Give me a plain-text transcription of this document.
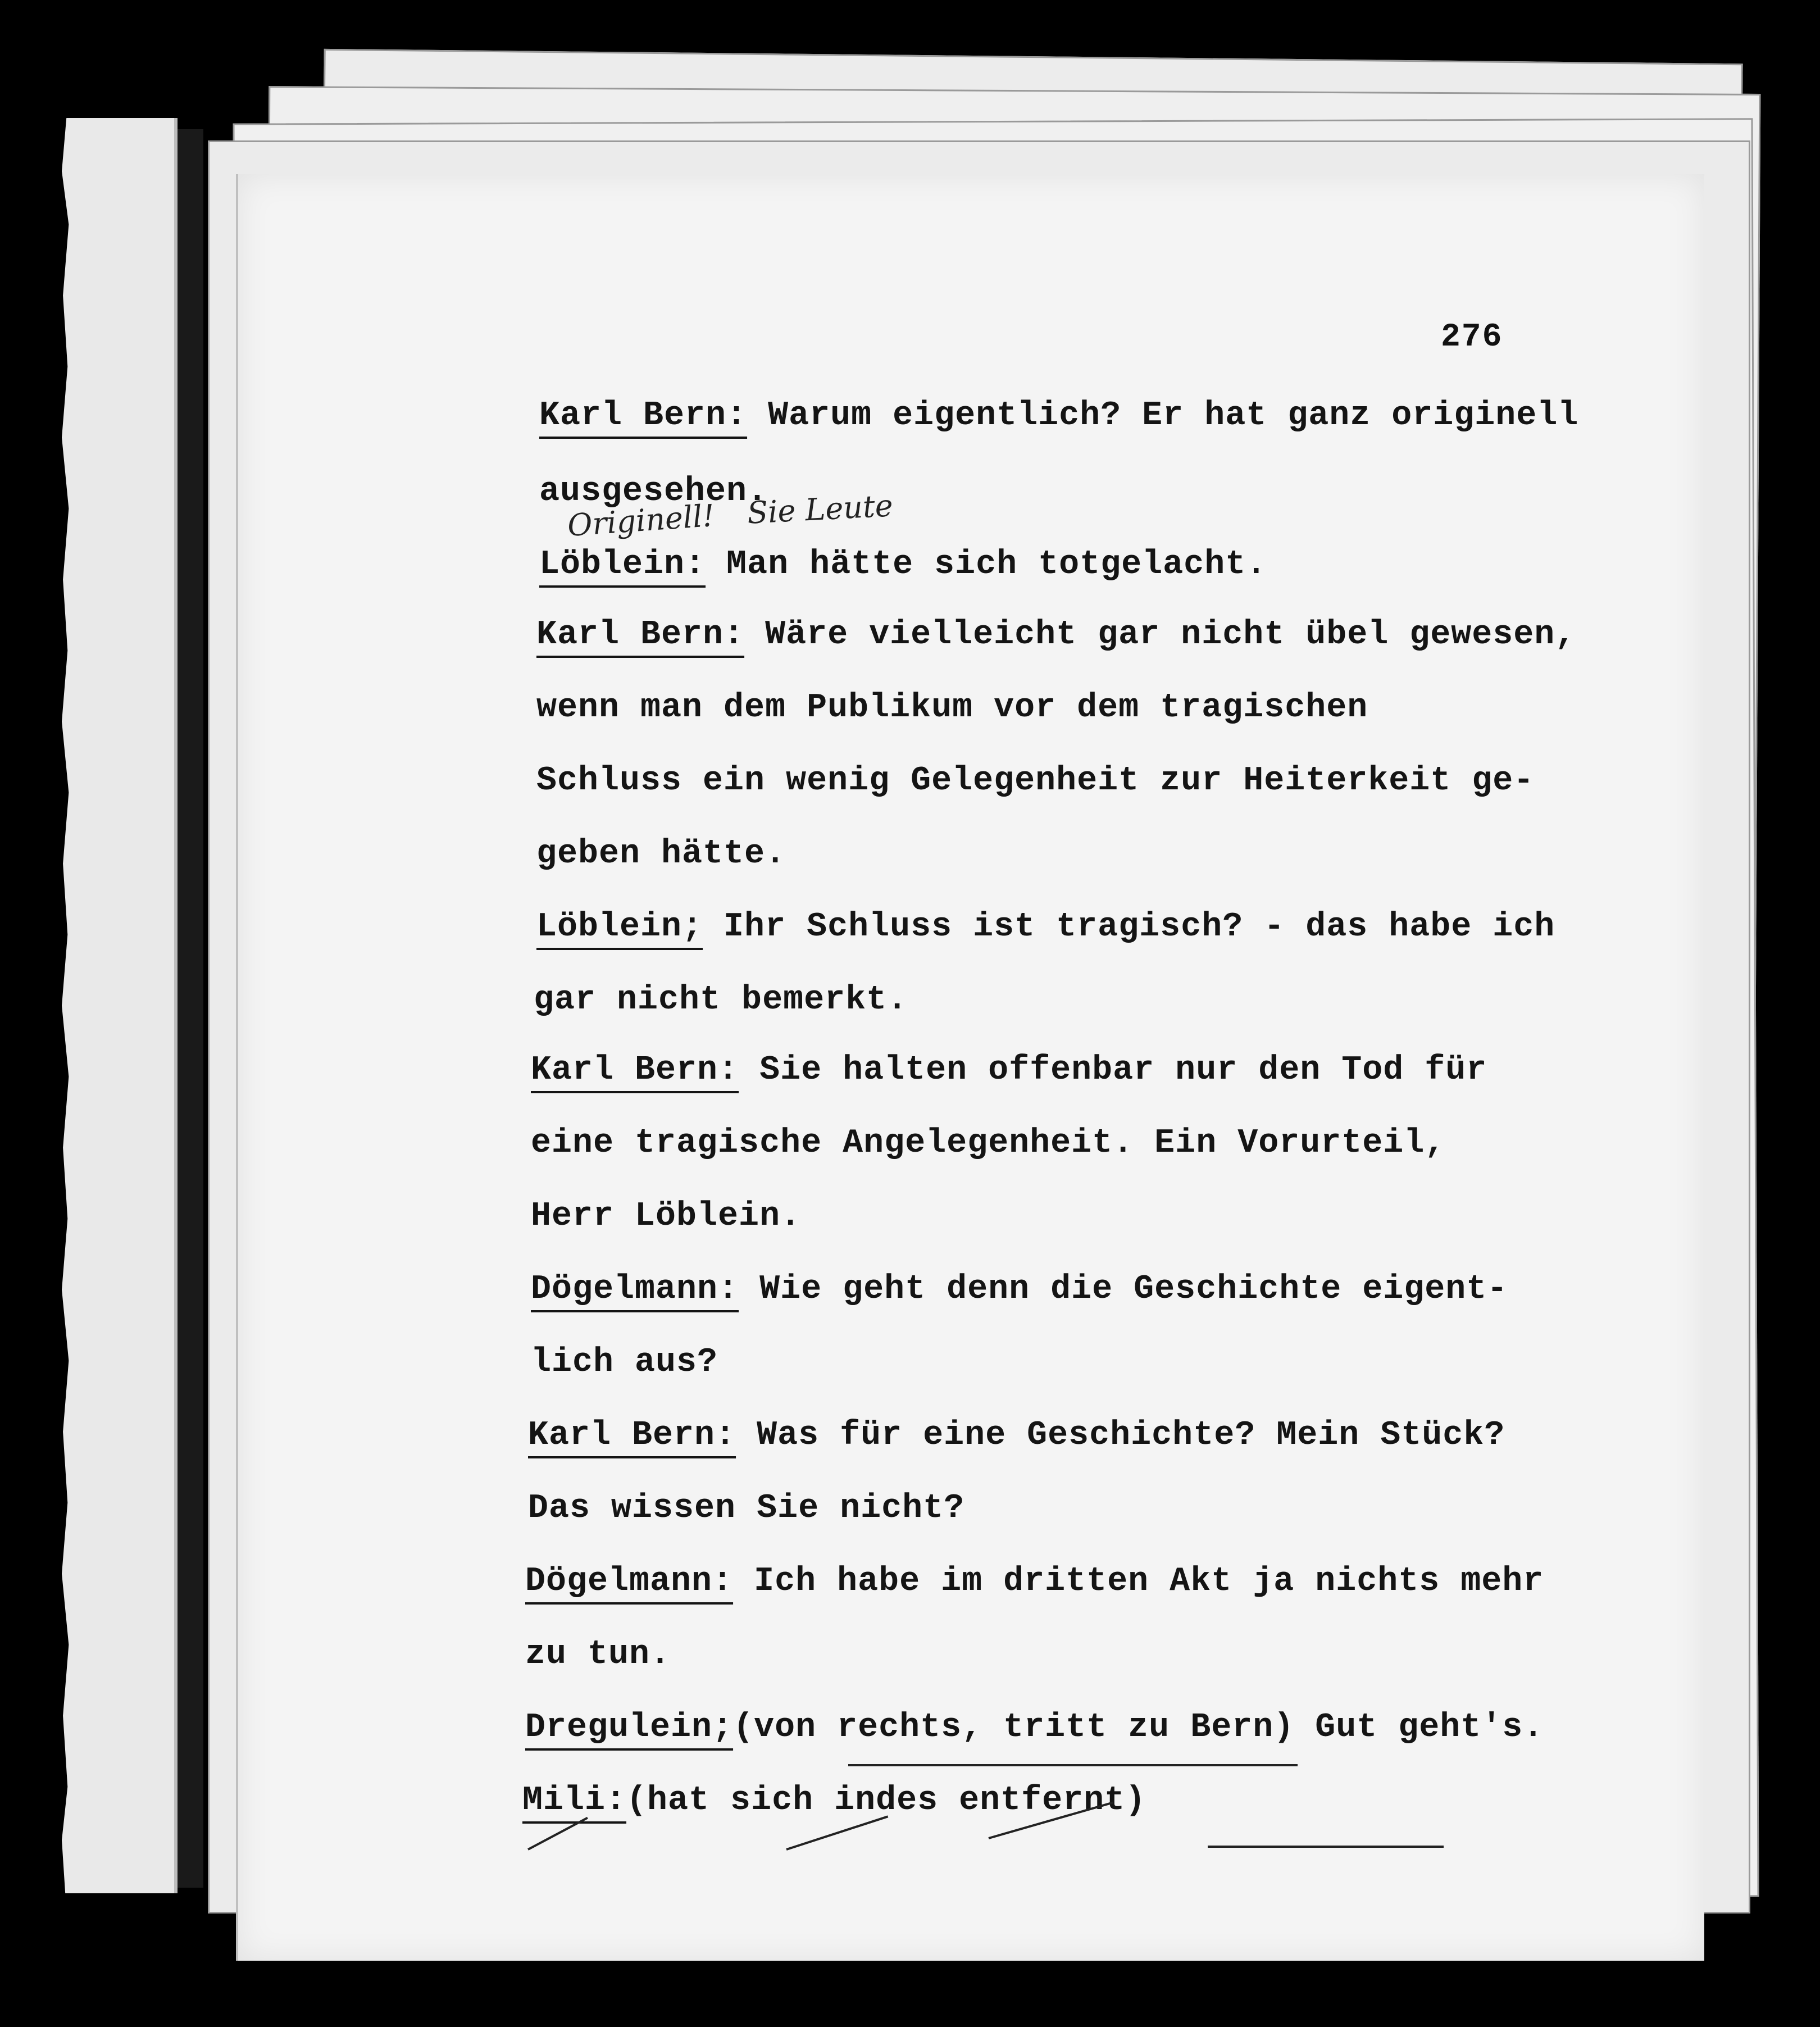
276
Originell! Sie Leute
Karl Bern: Warum eigentlich? Er hat ganz originell
ausgesehen.
Löblein: Man hätte sich totgelacht.
Karl Bern: Wäre vielleicht gar nicht übel gewesen,
wenn man dem Publikum vor dem tragischen
Schluss ein wenig Gelegenheit zur Heiterkeit ge-
geben hätte.
Löblein; Ihr Schluss ist tragisch? - das habe ich
gar nicht bemerkt.
Karl Bern: Sie halten offenbar nur den Tod für
eine tragische Angelegenheit. Ein Vorurteil,
Herr Löblein.
Dögelmann: Wie geht denn die Geschichte eigent-
lich aus?
Karl Bern: Was für eine Geschichte? Mein Stück?
Das wissen Sie nicht?
Dögelmann: Ich habe im dritten Akt ja nichts mehr
zu tun.
Dregulein;(von rechts, tritt zu Bern) Gut geht's.
Mili:(hat sich indes entfernt)
